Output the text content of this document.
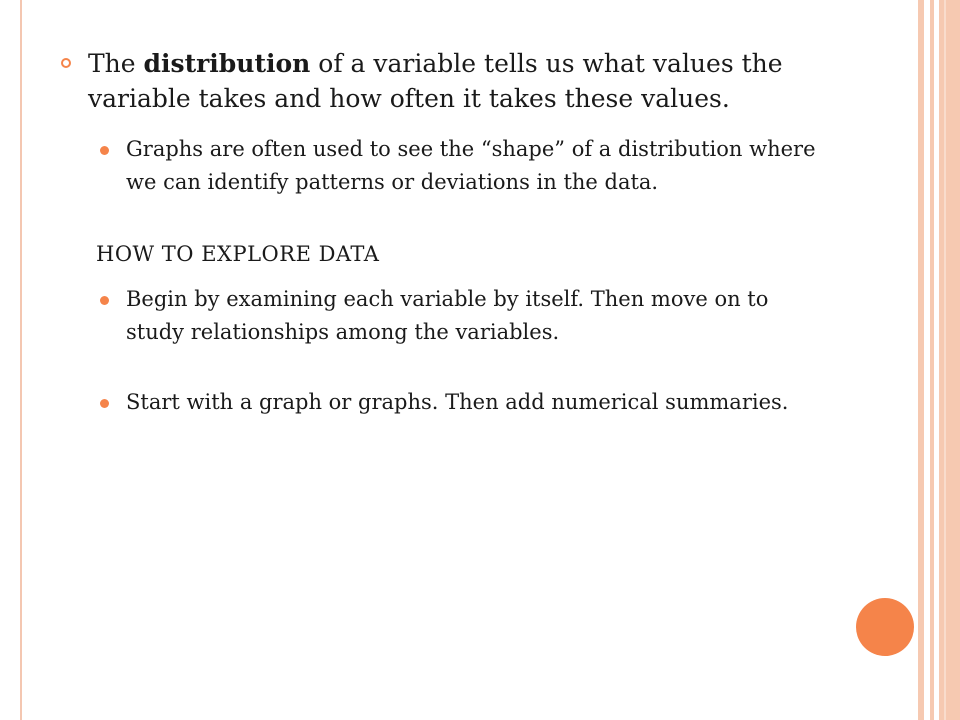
The distribution of a variable tells us what values the variable takes and how often it takes these values.

Graphs are often used to see the “shape” of a distribution where we can identify patterns or deviations in the data.

HOW TO EXPLORE DATA

Begin by examining each variable by itself. Then move on to study relationships among the variables.

Start with a graph or graphs. Then add numerical summaries.
